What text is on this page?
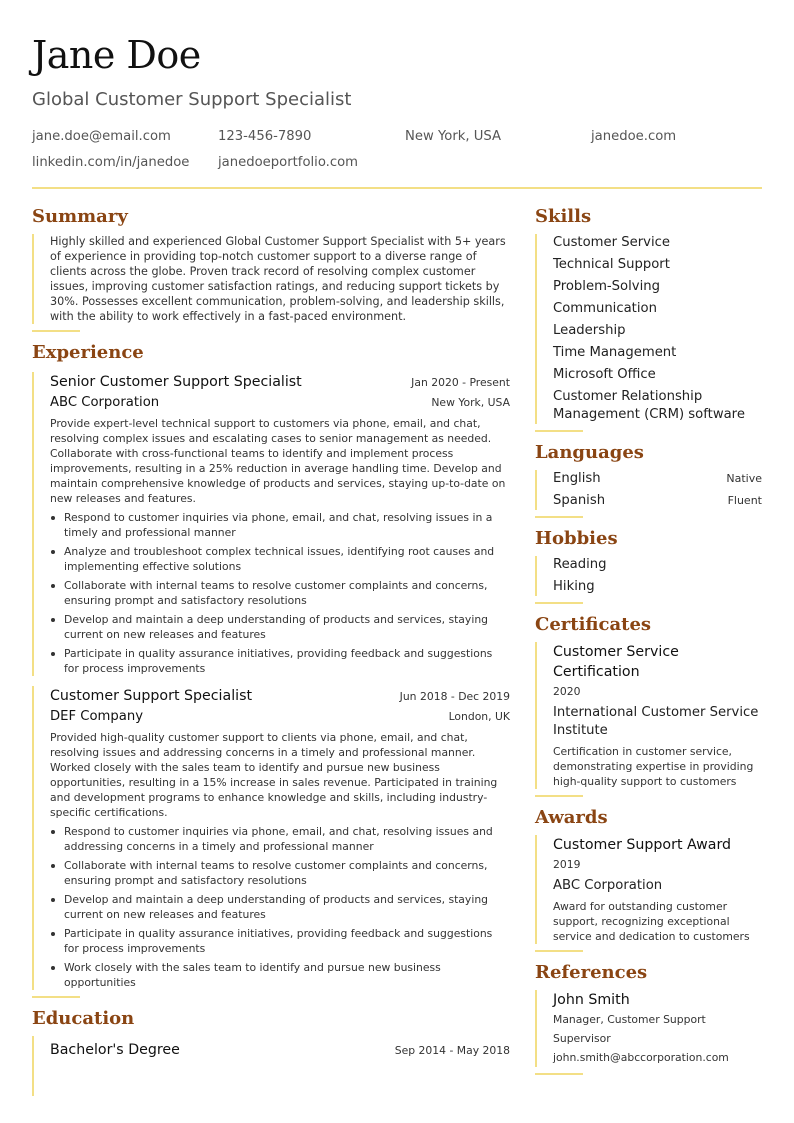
Jane Doe
Global Customer Support Specialist
jane.doe@email.com	123-456-7890	New York, USA	janedoe.com
linkedin.com/in/janedoe janedoeportfolio.com
Summary
Highly skilled and experienced Global Customer Support Specialist with 5+ years of experience in providing top-notch customer support to a diverse range of clients across the globe. Proven track record of resolving complex customer issues, improving customer satisfaction ratings, and reducing support tickets by 30%. Possesses excellent communication, problem-solving, and leadership skills, with the ability to work effectively in a fast-paced environment.
Experience
Senior Customer Support Specialist	Jan 2020 - Present
ABC Corporation	New York, USA
Provide expert-level technical support to customers via phone, email, and chat, resolving complex issues and escalating cases to senior management as needed. Collaborate with cross-functional teams to identify and implement process improvements, resulting in a 25% reduction in average handling time. Develop and maintain comprehensive knowledge of products and services, staying up-to-date on new releases and features.
Respond to customer inquiries via phone, email, and chat, resolving issues in a timely and professional manner
Analyze and troubleshoot complex technical issues, identifying root causes and implementing effective solutions
Collaborate with internal teams to resolve customer complaints and concerns, ensuring prompt and satisfactory resolutions
Develop and maintain a deep understanding of products and services, staying current on new releases and features
Participate in quality assurance initiatives, providing feedback and suggestions for process improvements
Customer Support Specialist	Jun 2018 - Dec 2019
DEF Company	London, UK
Provided high-quality customer support to clients via phone, email, and chat, resolving issues and addressing concerns in a timely and professional manner. Worked closely with the sales team to identify and pursue new business opportunities, resulting in a 15% increase in sales revenue. Participated in training and development programs to enhance knowledge and skills, including industry-specific certifications.
Respond to customer inquiries via phone, email, and chat, resolving issues and addressing concerns in a timely and professional manner
Collaborate with internal teams to resolve customer complaints and concerns, ensuring prompt and satisfactory resolutions
Develop and maintain a deep understanding of products and services, staying current on new releases and features
Participate in quality assurance initiatives, providing feedback and suggestions for process improvements
Work closely with the sales team to identify and pursue new business opportunities
Education
Bachelor's Degree	Sep 2014 - May 2018
Skills
Customer Service
Technical Support
Problem-Solving
Communication
Leadership
Time Management
Microsoft Office
Customer Relationship Management (CRM) software
Languages
English	Native
Spanish	Fluent
Hobbies
Reading
Hiking
Certificates
Customer Service Certification
2020
International Customer Service Institute
Certification in customer service, demonstrating expertise in providing high-quality support to customers
Awards
Customer Support Award
2019
ABC Corporation
Award for outstanding customer support, recognizing exceptional service and dedication to customers
References
John Smith
Manager, Customer Support
Supervisor
john.smith@abccorporation.com
